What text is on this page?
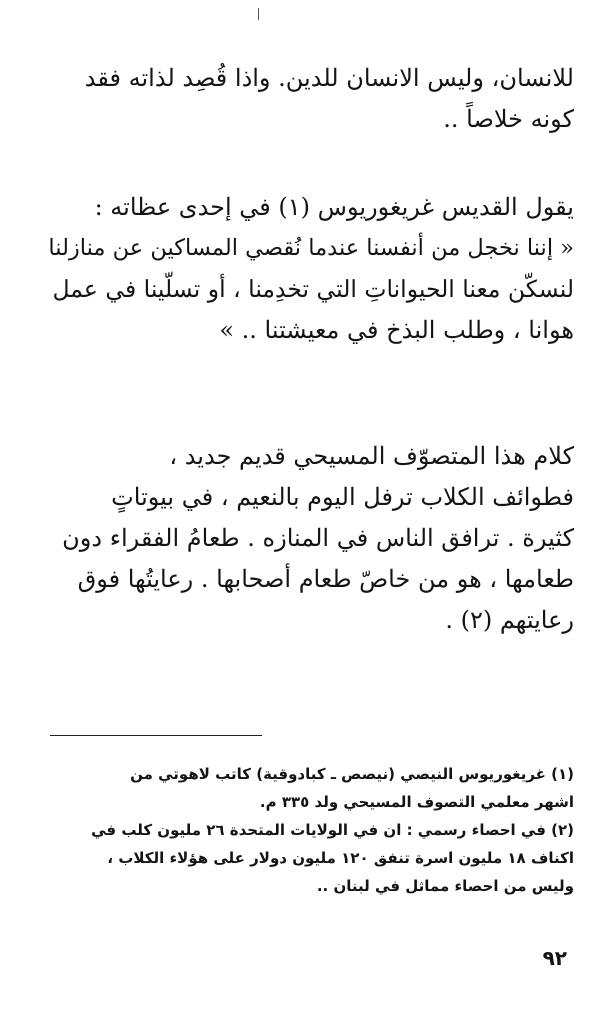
للانسان، وليس الانسان للدين. واذا قُصِد لذاته فقد
كونه خلاصاً ..
يقول القديس غريغوريوس (١) في إحدى عظاته :
« إننا نخجل من أنفسنا عندما نُقصي المساكين عن منازلنا
لنسكّن معنا الحيواناتِ التي تخدِمنا ، أو تسلّينا في عمل
هوانا ، وطلب البذخ في معيشتنا .. »
كلام هذا المتصوّف المسيحي قديم جديد ،
فطوائف الكلاب ترفل اليوم بالنعيم ، في بيوتاتٍ
كثيرة . ترافق الناس في المنازه . طعامُ الفقراء دون
طعامها ، هو من خاصّ طعام أصحابها . رعايتُها فوق
رعايتهم (٢) .
(١) غريغوريوس النيصي (نيصص ـ كبادوقية) كاتب لاهوتي من
اشهر معلمي التصوف المسيحي ولد ٣٣٥ م.
(٢) في احصاء رسمي : ان في الولايات المتحدة ٢٦ مليون كلب في
اكناف ١٨ مليون اسرة تنفق ١٢٠ مليون دولار على هؤلاء الكلاب ،
وليس من احصاء مماثل في لبنان ..
٩٢
